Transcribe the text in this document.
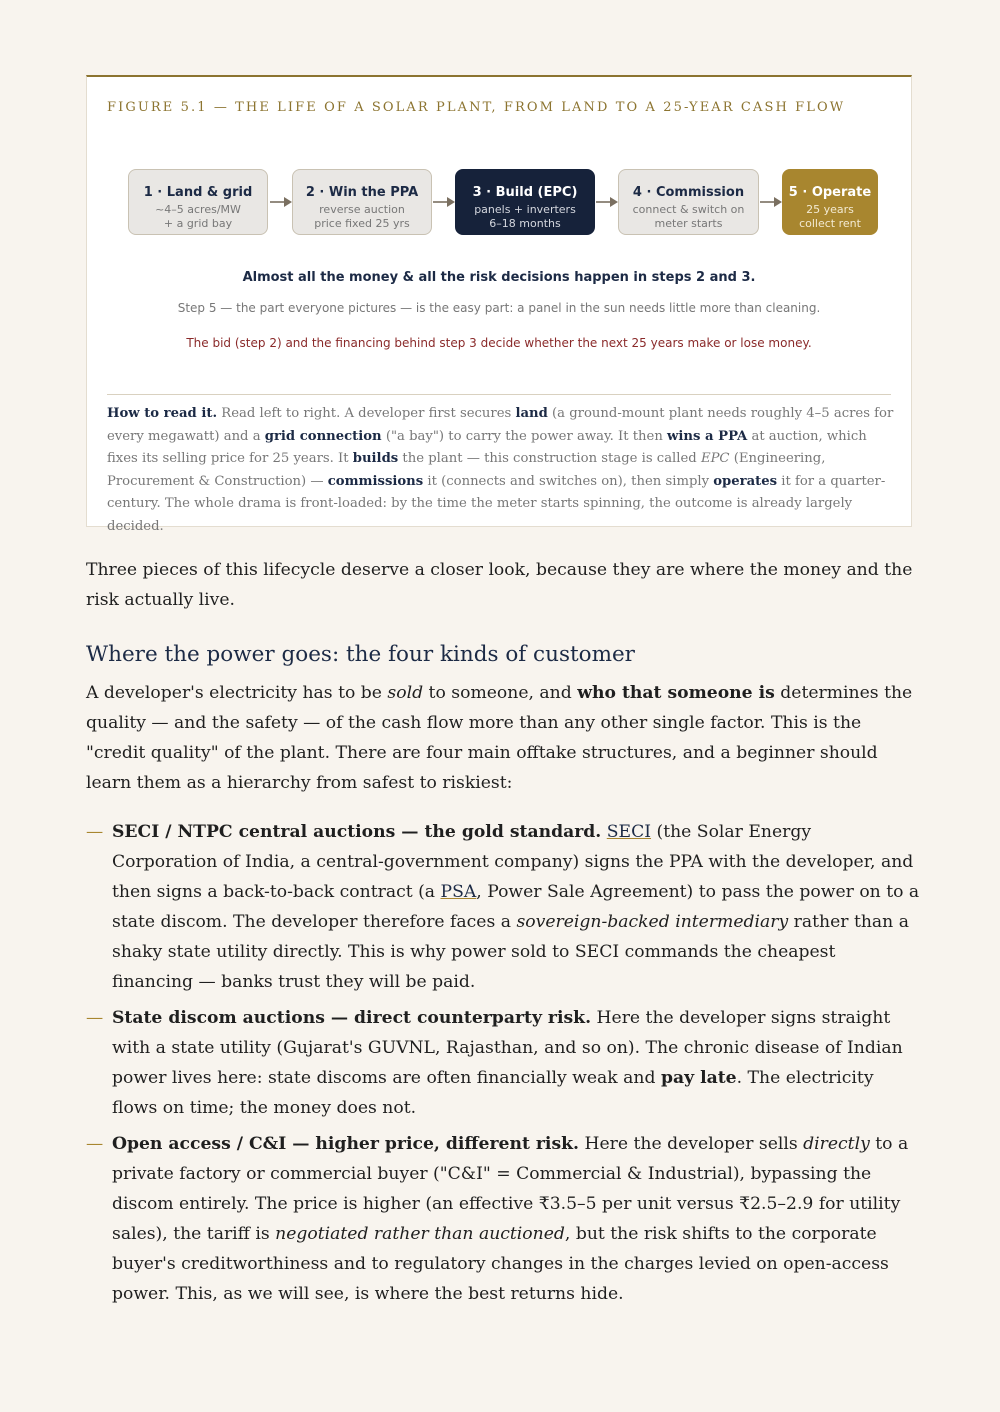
FIGURE 5.1 — THE LIFE OF A SOLAR PLANT, FROM LAND TO A 25-YEAR CASH FLOW
1 · Land & grid
~4–5 acres/MW
+ a grid bay
2 · Win the PPA
reverse auction
price fixed 25 yrs
3 · Build (EPC)
panels + inverters
6–18 months
4 · Commission
connect & switch on
meter starts
5 · Operate
25 years
collect rent
Almost all the money & all the risk decisions happen in steps 2 and 3.
Step 5 — the part everyone pictures — is the easy part: a panel in the sun needs little more than cleaning.
The bid (step 2) and the financing behind step 3 decide whether the next 25 years make or lose money.
How to read it. Read left to right. A developer first secures land (a ground-mount plant needs roughly 4–5 acres for every megawatt) and a grid connection ("a bay") to carry the power away. It then wins a PPA at auction, which fixes its selling price for 25 years. It builds the plant — this construction stage is called EPC (Engineering, Procurement & Construction) — commissions it (connects and switches on), then simply operates it for a quarter-century. The whole drama is front-loaded: by the time the meter starts spinning, the outcome is already largely decided.
Three pieces of this lifecycle deserve a closer look, because they are where the money and the risk actually live.
Where the power goes: the four kinds of customer
A developer's electricity has to be sold to someone, and who that someone is determines the quality — and the safety — of the cash flow more than any other single factor. This is the "credit quality" of the plant. There are four main offtake structures, and a beginner should learn them as a hierarchy from safest to riskiest:
— SECI / NTPC central auctions — the gold standard. SECI (the Solar Energy Corporation of India, a central-government company) signs the PPA with the developer, and then signs a back-to-back contract (a PSA, Power Sale Agreement) to pass the power on to a state discom. The developer therefore faces a sovereign-backed intermediary rather than a shaky state utility directly. This is why power sold to SECI commands the cheapest financing — banks trust they will be paid.
— State discom auctions — direct counterparty risk. Here the developer signs straight with a state utility (Gujarat's GUVNL, Rajasthan, and so on). The chronic disease of Indian power lives here: state discoms are often financially weak and pay late. The electricity flows on time; the money does not.
— Open access / C&I — higher price, different risk. Here the developer sells directly to a private factory or commercial buyer ("C&I" = Commercial & Industrial), bypassing the discom entirely. The price is higher (an effective ₹3.5–5 per unit versus ₹2.5–2.9 for utility sales), the tariff is negotiated rather than auctioned, but the risk shifts to the corporate buyer's creditworthiness and to regulatory changes in the charges levied on open-access power. This, as we will see, is where the best returns hide.
